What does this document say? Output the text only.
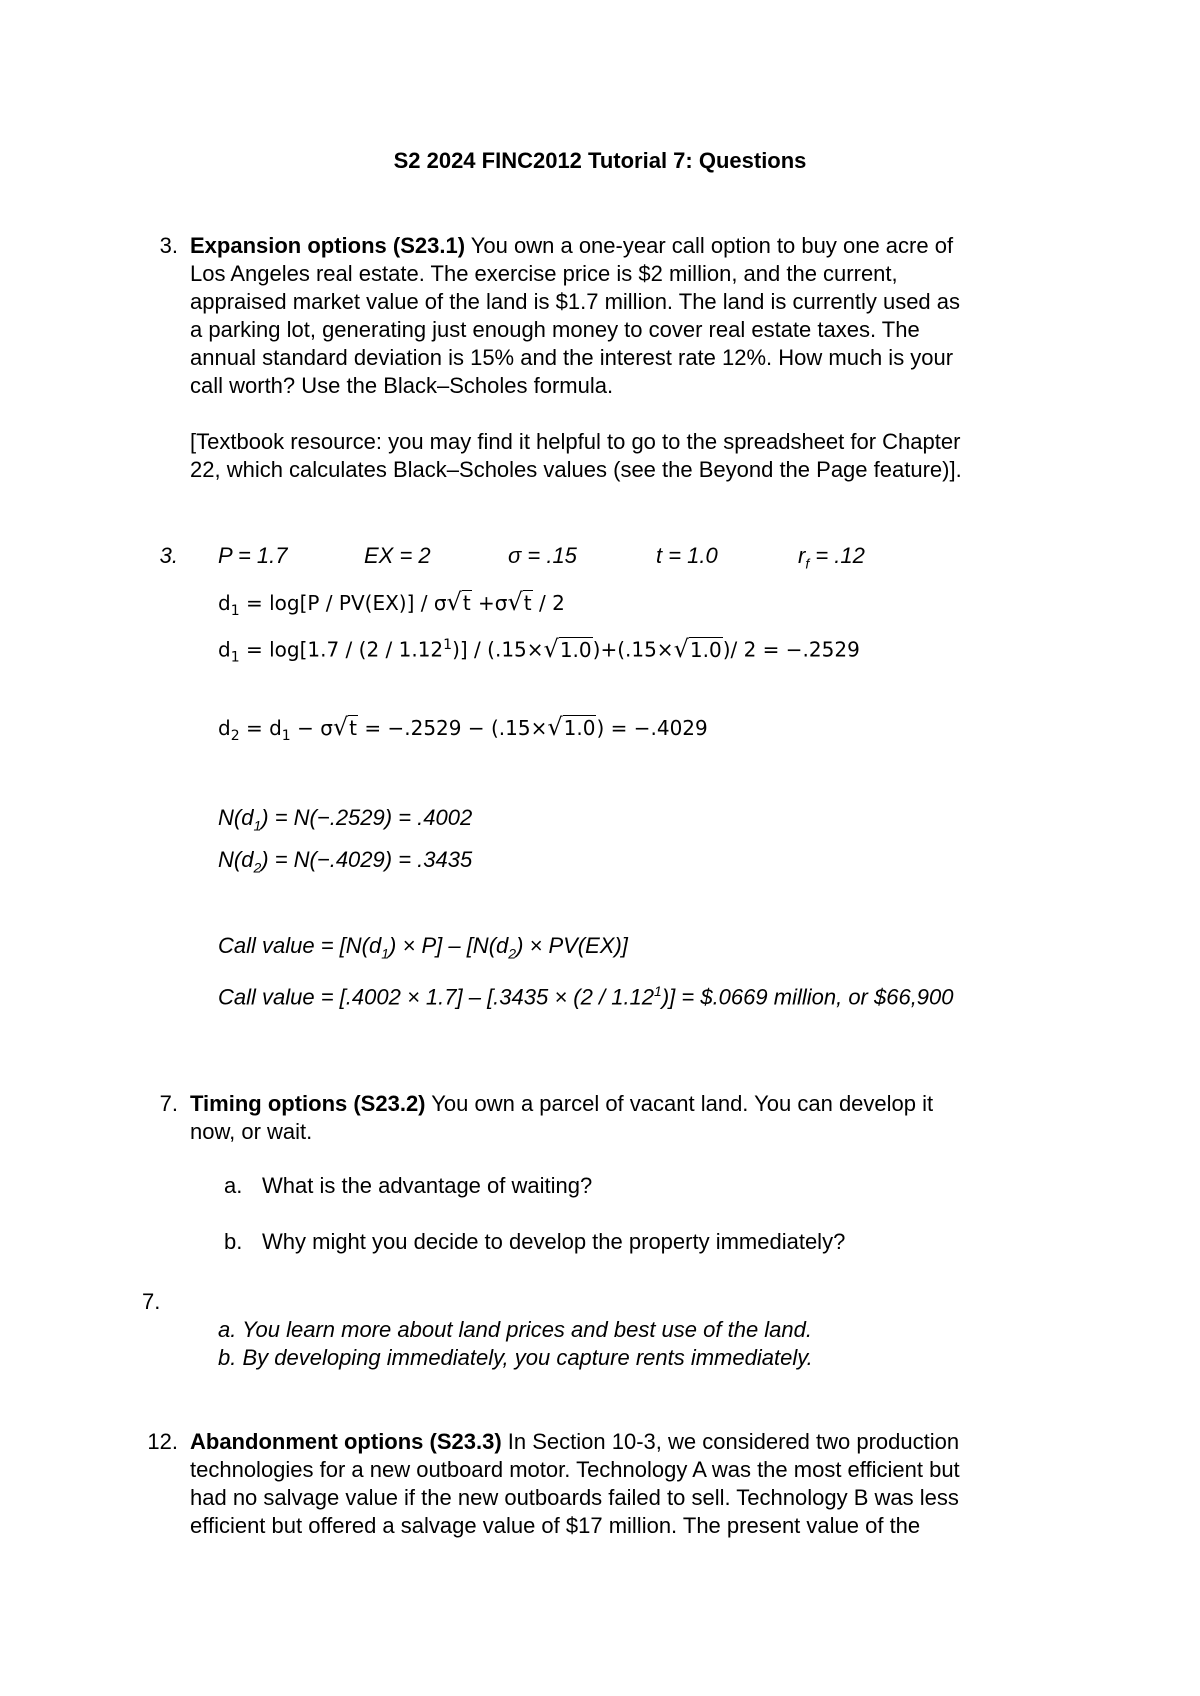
S2 2024 FINC2012 Tutorial 7: Questions
3. Expansion options (S23.1) You own a one-year call option to buy one acre of
Los Angeles real estate. The exercise price is $2 million, and the current,
appraised market value of the land is $1.7 million. The land is currently used as
a parking lot, generating just enough money to cover real estate taxes. The
annual standard deviation is 15% and the interest rate 12%. How much is your
call worth? Use the Black–Scholes formula.
[Textbook resource: you may find it helpful to go to the spreadsheet for Chapter
22, which calculates Black–Scholes values (see the Beyond the Page feature)].
3. P = 1.7	EX = 2	σ = .15	t = 1.0	$r_f = .12$
$d_1 = \log[P / PV(EX)] / \sigma√t +\sigma√t / 2$
$d_1 = \log[1.7 / (2 / 1.12^1)] / (.15\times√1.0)+(.15\times√1.0)/$ 2 = −.2529
$d_2 = d_1 - \sigma√t = -.2529 - (.15\times√1.0) = -.4029$
$N(d_1) = N(-.2529) = .4002$
$N(d_2) = N(-.4029) = .3435$
Call value = $[N(d_1) \times P] - [N(d_2) \times PV(EX)]$
Call value = $[.4002 \times 1.7] - [.3435 \times (2 / 1.12^1)]$ = $.0669 million, or $66,900
7. Timing options (S23.2) You own a parcel of vacant land. You can develop it
now, or wait.
a. What is the advantage of waiting?
b. Why might you decide to develop the property immediately?
7.
a. You learn more about land prices and best use of the land.
b. By developing immediately, you capture rents immediately.
12. Abandonment options (S23.3) In Section 10-3, we considered two production
technologies for a new outboard motor. Technology A was the most efficient but
had no salvage value if the new outboards failed to sell. Technology B was less
efficient but offered a salvage value of $17 million. The present value of the
